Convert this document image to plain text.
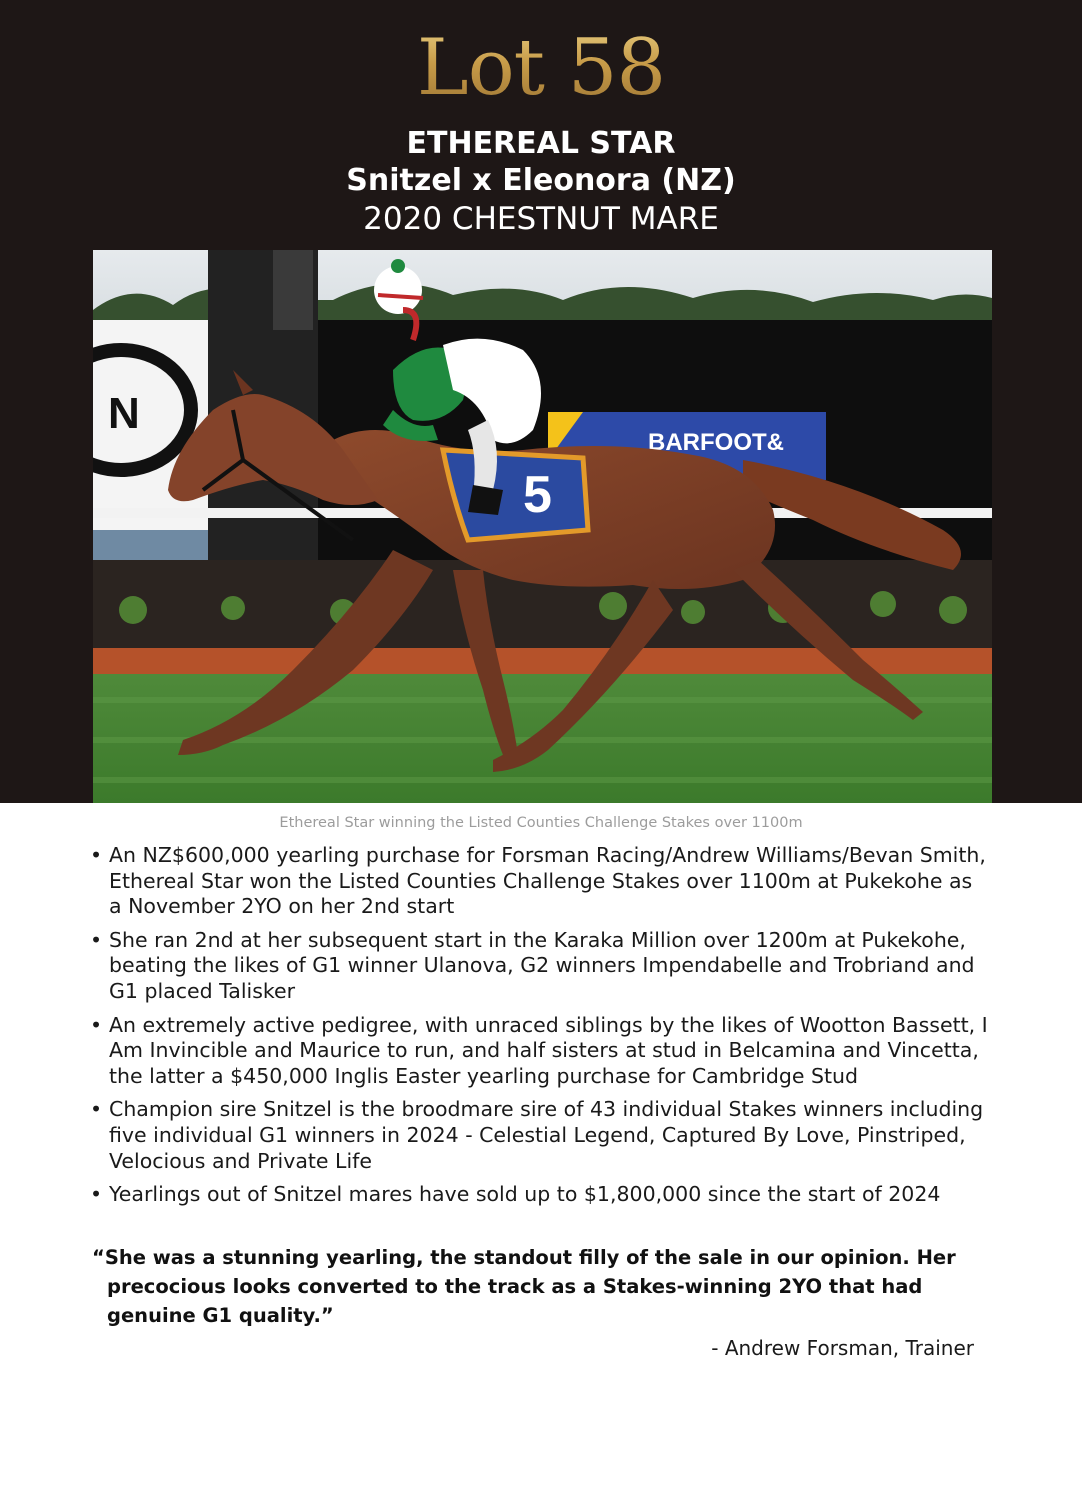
Lot 58
ETHEREAL STAR
Snitzel x Eleonora (NZ)
2020 CHESTNUT MARE
N
BARFOOT&
5
Ethereal Star winning the Listed Counties Challenge Stakes over 1100m
• An NZ$600,000 yearling purchase for Forsman Racing/Andrew Williams/Bevan Smith, Ethereal Star won the Listed Counties Challenge Stakes over 1100m at Pukekohe as a November 2YO on her 2nd start
• She ran 2nd at her subsequent start in the Karaka Million over 1200m at Pukekohe, beating the likes of G1 winner Ulanova, G2 winners Impendabelle and Trobriand and G1 placed Talisker
• An extremely active pedigree, with unraced siblings by the likes of Wootton Bassett, I Am Invincible and Maurice to run, and half sisters at stud in Belcamina and Vincetta, the latter a $450,000 Inglis Easter yearling purchase for Cambridge Stud
• Champion sire Snitzel is the broodmare sire of 43 individual Stakes winners including five individual G1 winners in 2024 - Celestial Legend, Captured By Love, Pinstriped, Velocious and Private Life
• Yearlings out of Snitzel mares have sold up to $1,800,000 since the start of 2024
“She was a stunning yearling, the standout filly of the sale in our opinion. Her precocious looks converted to the track as a Stakes-winning 2YO that had genuine G1 quality.”
- Andrew Forsman, Trainer
